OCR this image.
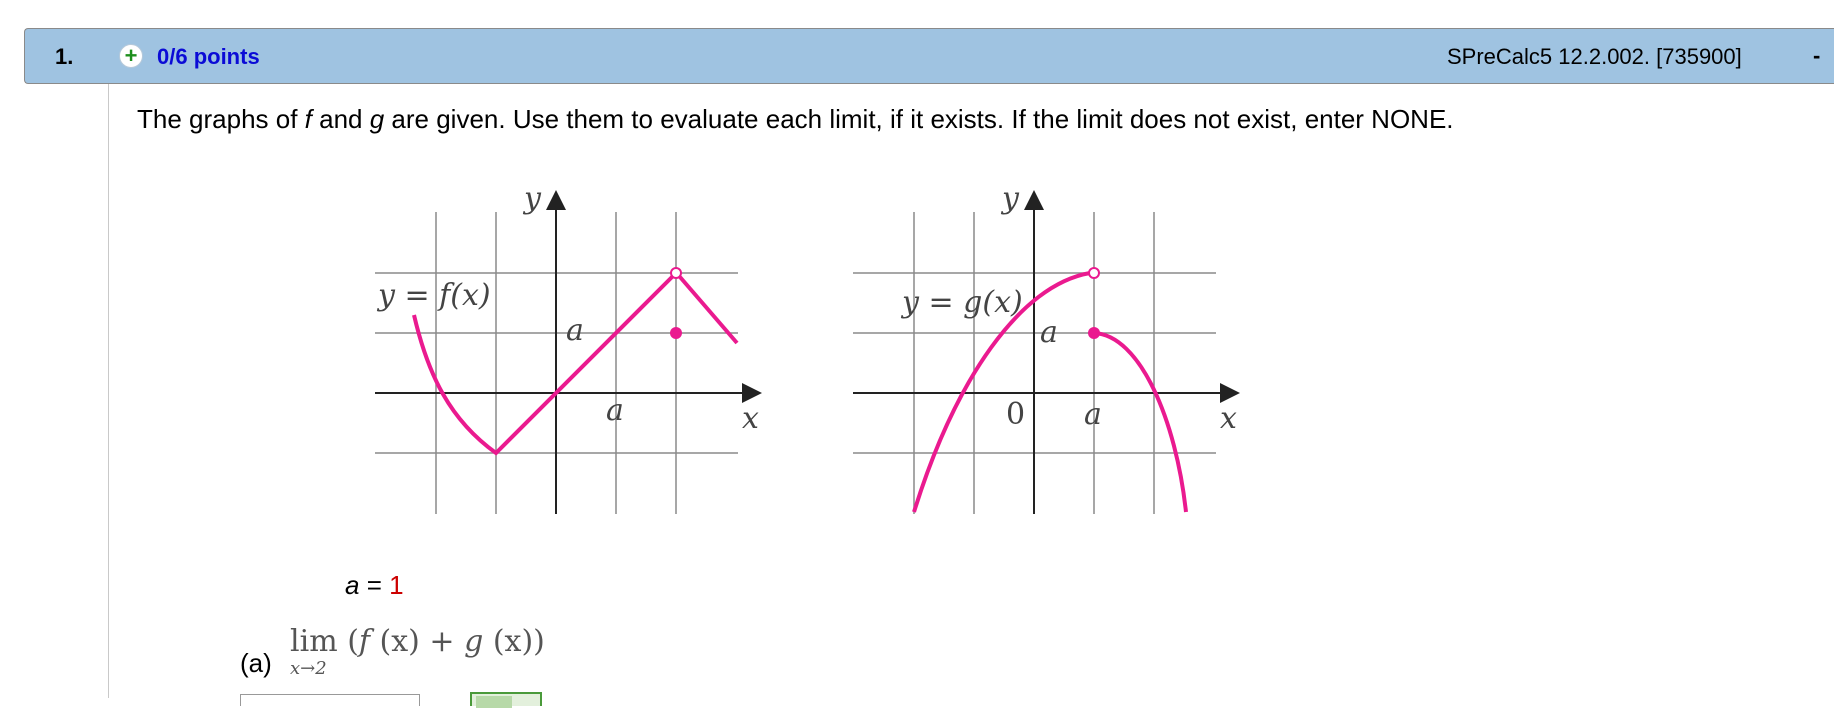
1. + 0/6 points	SPreCalc5 12.2.002. [735900]	-
The graphs of f and g are given. Use them to evaluate each limit, if it exists. If the limit does not exist, enter NONE.
y = f(x)
y
x
a
a
y = g(x)
y
x
a
a
0
a = 1
(a)
lim
x→2
(f (x) + g (x))
